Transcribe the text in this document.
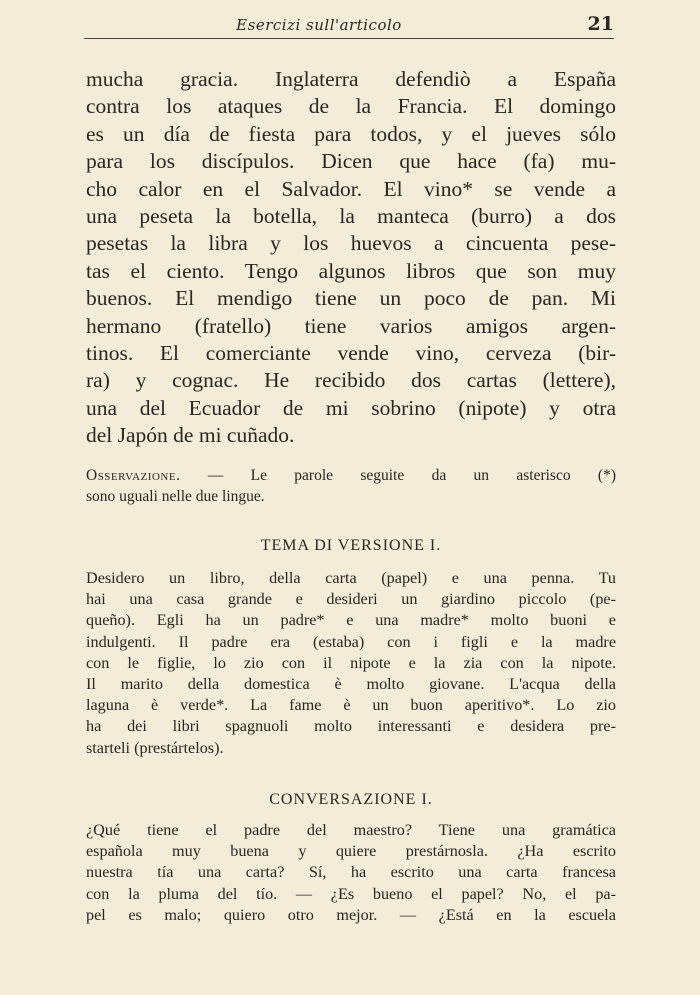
Esercizi sull'articolo	21
mucha gracia. Inglaterra defendiò a España
contra los ataques de la Francia. El domingo
es un día de fiesta para todos, y el jueves sólo
para los discípulos. Dicen que hace (fa) mu-
cho calor en el Salvador. El vino* se vende a
una peseta la botella, la manteca (burro) a dos
pesetas la libra y los huevos a cincuenta pese-
tas el ciento. Tengo algunos libros que son muy
buenos. El mendigo tiene un poco de pan. Mi
hermano (fratello) tiene varios amigos argen-
tinos. El comerciante vende vino, cerveza (bir-
ra) y cognac. He recibido dos cartas (lettere),
una del Ecuador de mi sobrino (nipote) y otra
del Japón de mi cuñado.
Osservazione. — Le parole seguite da un asterisco (*)
sono uguali nelle due lingue.
TEMA DI VERSIONE I.
Desidero un libro, della carta (papel) e una penna. Tu
hai una casa grande e desideri un giardino piccolo (pe-
queño). Egli ha un padre* e una madre* molto buoni e
indulgenti. Il padre era (estaba) con i figli e la madre
con le figlie, lo zio con il nipote e la zia con la nipote.
Il marito della domestica è molto giovane. L'acqua della
laguna è verde*. La fame è un buon aperitivo*. Lo zio
ha dei libri spagnuoli molto interessanti e desidera pre-
starteli (prestártelos).
CONVERSAZIONE I.
¿Qué tiene el padre del maestro? Tiene una gramática
española muy buena y quiere prestárnosla. ¿Ha escrito
nuestra tía una carta? Sí, ha escrito una carta francesa
con la pluma del tío. — ¿Es bueno el papel? No, el pa-
pel es malo; quiero otro mejor. — ¿Está en la escuela
